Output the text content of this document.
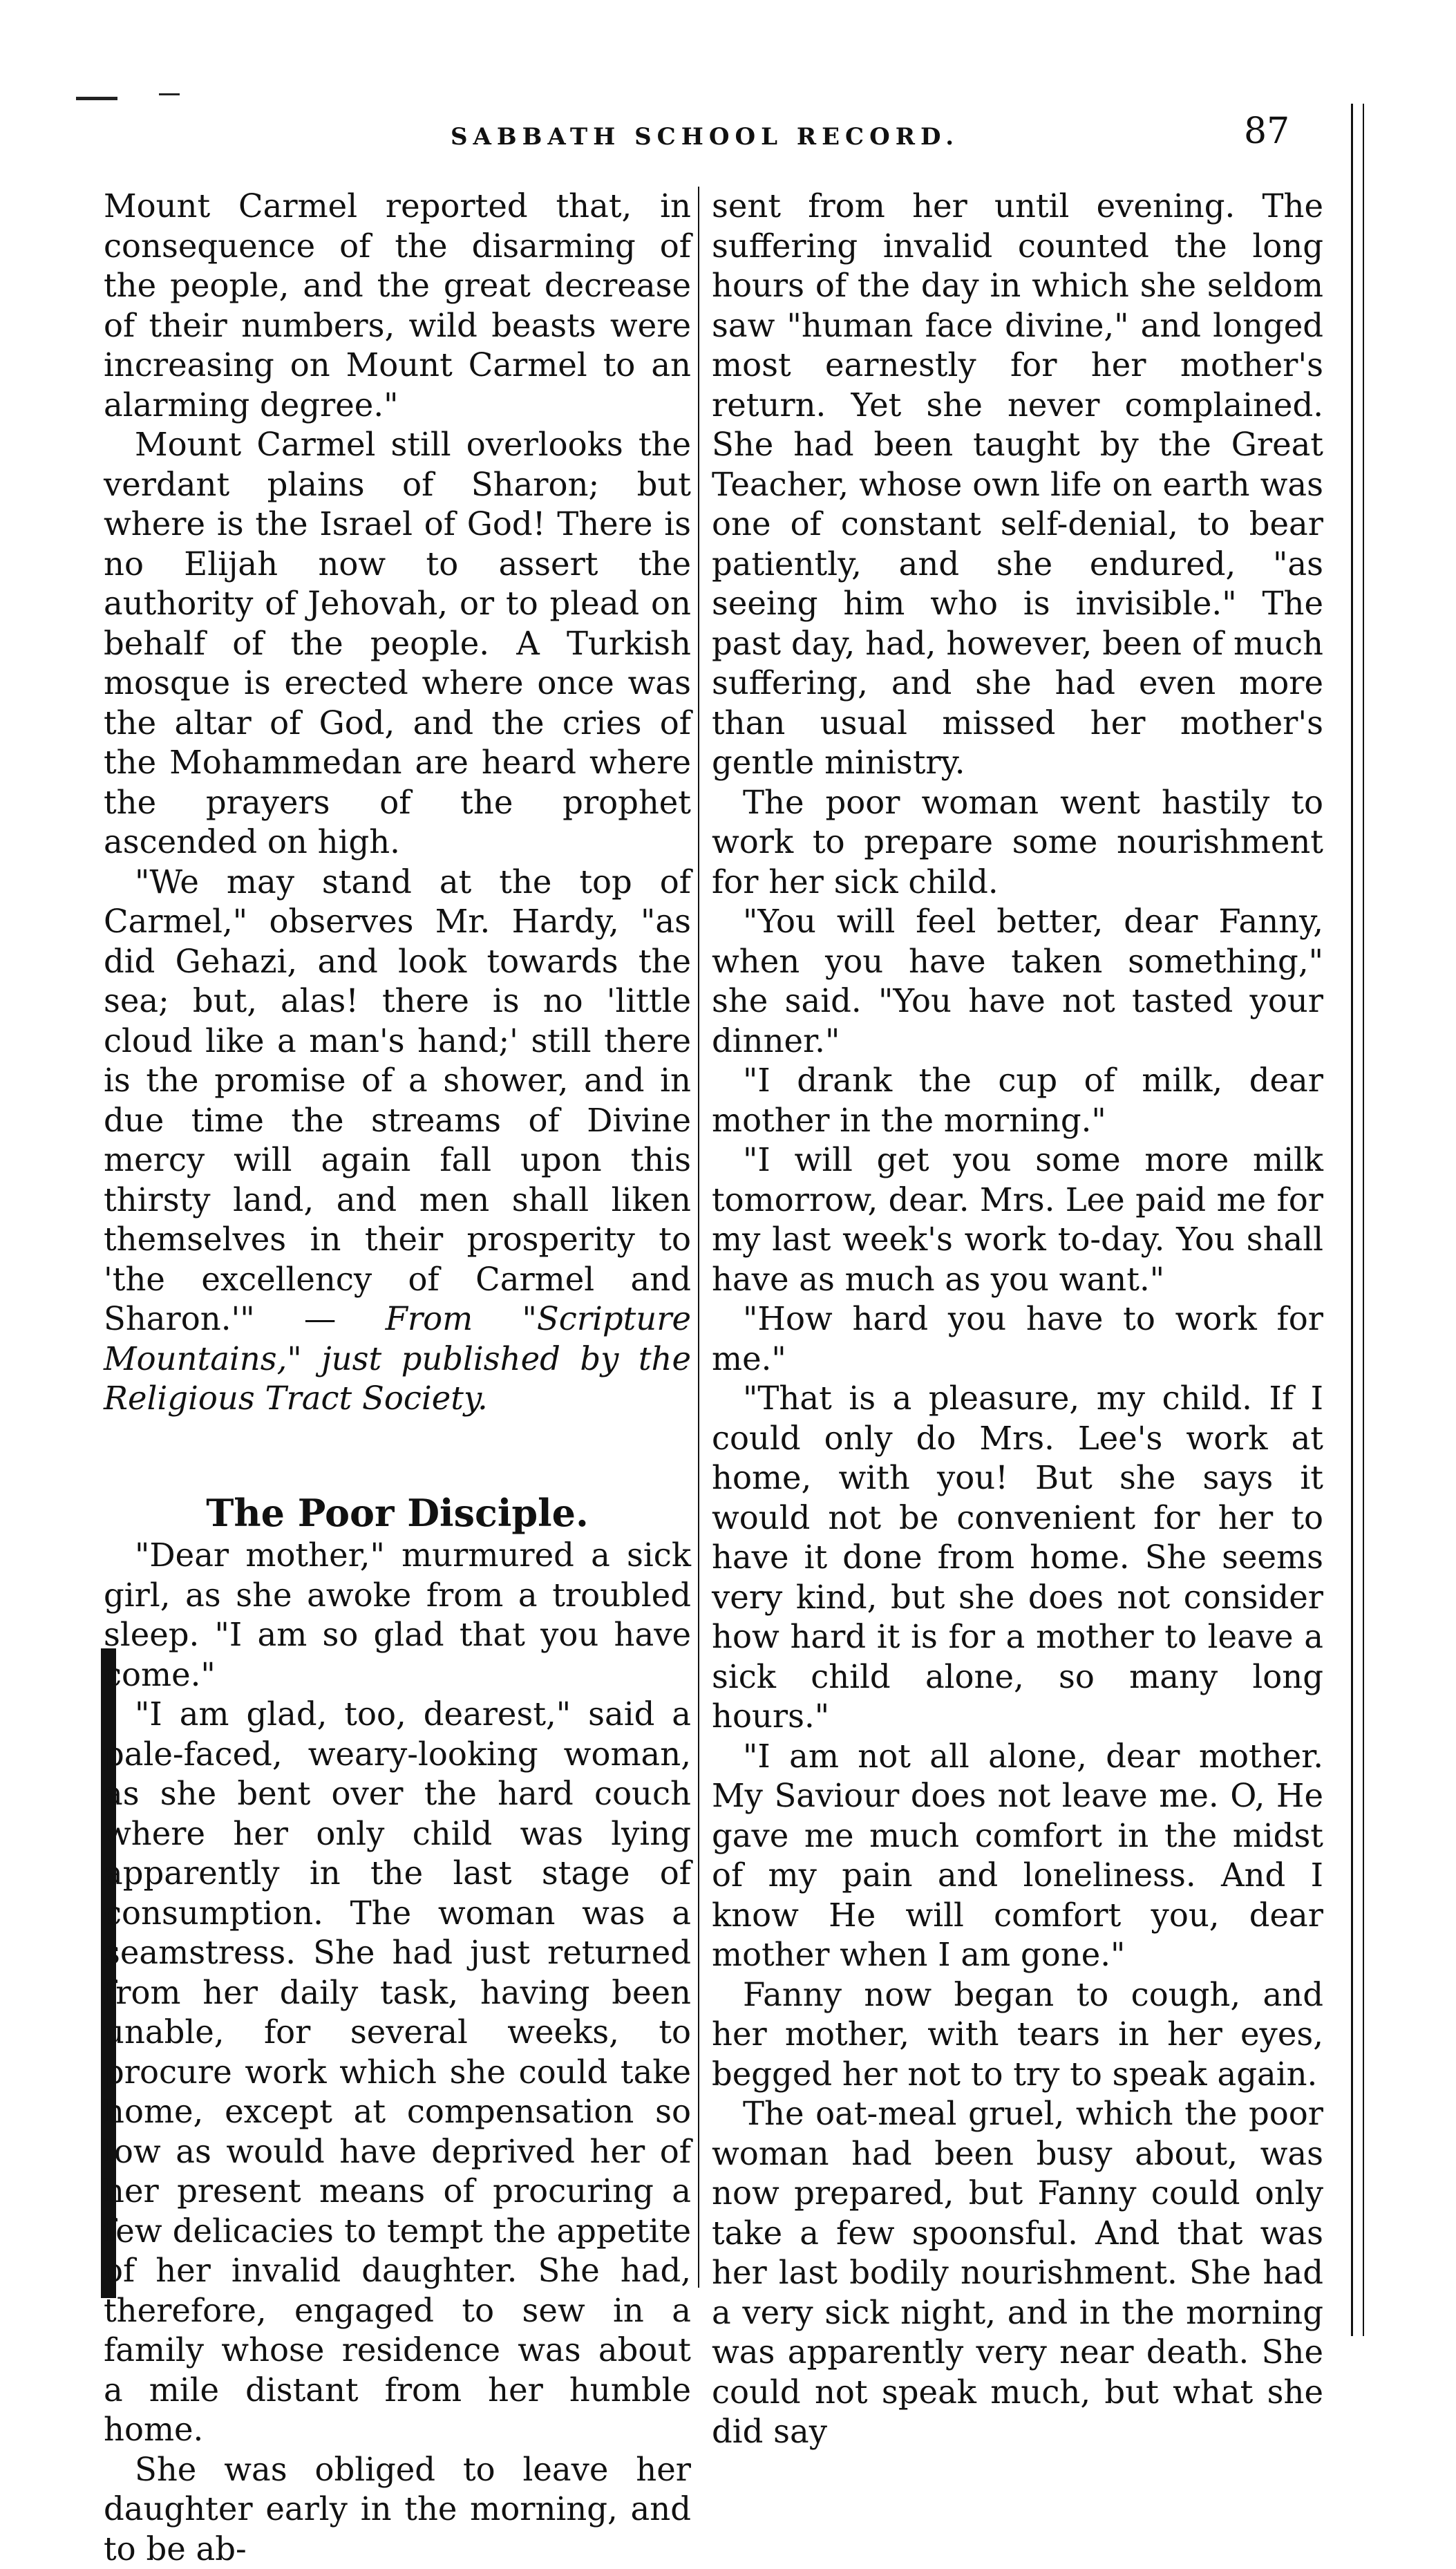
SABBATH SCHOOL RECORD.	87

Mount Carmel reported that, in consequence of the disarming of the people, and the great decrease of their numbers, wild beasts were increasing on Mount Carmel to an alarming degree."

Mount Carmel still overlooks the verdant plains of Sharon; but where is the Israel of God! There is no Elijah now to assert the authority of Jehovah, or to plead on behalf of the people. A Turkish mosque is erected where once was the altar of God, and the cries of the Mohammedan are heard where the prayers of the prophet ascended on high.

"We may stand at the top of Carmel," observes Mr. Hardy, "as did Gehazi, and look towards the sea; but, alas! there is no 'little cloud like a man's hand;' still there is the promise of a shower, and in due time the streams of Divine mercy will again fall upon this thirsty land, and men shall liken themselves in their prosperity to 'the excellency of Carmel and Sharon.'" — From "Scripture Mountains," just published by the Religious Tract Society.

The Poor Disciple.

"Dear mother," murmured a sick girl, as she awoke from a troubled sleep. "I am so glad that you have come."

"I am glad, too, dearest," said a pale-faced, weary-looking woman, as she bent over the hard couch where her only child was lying apparently in the last stage of consumption. The woman was a seamstress. She had just returned from her daily task, having been unable, for several weeks, to procure work which she could take home, except at compensation so low as would have deprived her of her present means of procuring a few delicacies to tempt the appetite of her invalid daughter. She had, therefore, engaged to sew in a family whose residence was about a mile distant from her humble home.

She was obliged to leave her daughter early in the morning, and to be ab-

sent from her until evening. The suffering invalid counted the long hours of the day in which she seldom saw "human face divine," and longed most earnestly for her mother's return. Yet she never complained. She had been taught by the Great Teacher, whose own life on earth was one of constant self-denial, to bear patiently, and she endured, "as seeing him who is invisible." The past day, had, however, been of much suffering, and she had even more than usual missed her mother's gentle ministry.

The poor woman went hastily to work to prepare some nourishment for her sick child.

"You will feel better, dear Fanny, when you have taken something," she said. "You have not tasted your dinner."

"I drank the cup of milk, dear mother in the morning."

"I will get you some more milk tomorrow, dear. Mrs. Lee paid me for my last week's work to-day. You shall have as much as you want."

"How hard you have to work for me."

"That is a pleasure, my child. If I could only do Mrs. Lee's work at home, with you! But she says it would not be convenient for her to have it done from home. She seems very kind, but she does not consider how hard it is for a mother to leave a sick child alone, so many long hours."

"I am not all alone, dear mother. My Saviour does not leave me. O, He gave me much comfort in the midst of my pain and loneliness. And I know He will comfort you, dear mother when I am gone."

Fanny now began to cough, and her mother, with tears in her eyes, begged her not to try to speak again.

The oat-meal gruel, which the poor woman had been busy about, was now prepared, but Fanny could only take a few spoonsful. And that was her last bodily nourishment. She had a very sick night, and in the morning was apparently very near death. She could not speak much, but what she did say
